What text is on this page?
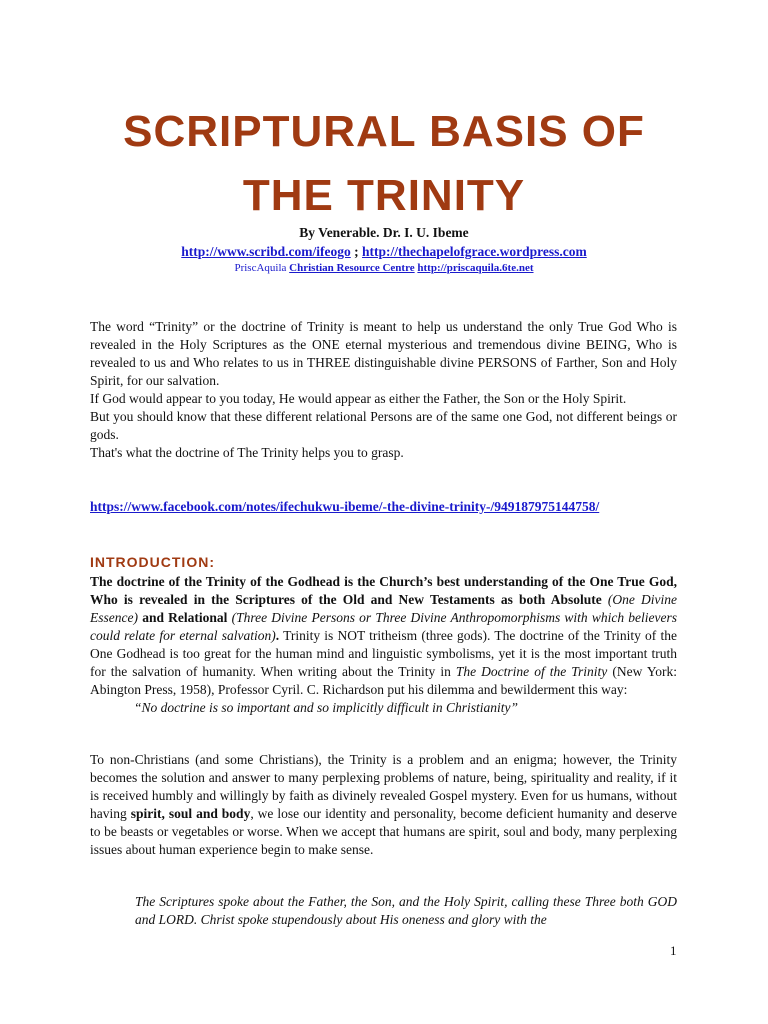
SCRIPTURAL BASIS OF
THE TRINITY
By Venerable. Dr. I. U. Ibeme
http://www.scribd.com/ifeogo ; http://thechapelofgrace.wordpress.com
PriscAquila Christian Resource Centre http://priscaquila.6te.net

The word “Trinity” or the doctrine of Trinity is meant to help us understand the only True God Who is revealed in the Holy Scriptures as the ONE eternal mysterious and tremendous divine BEING, Who is revealed to us and Who relates to us in THREE distinguishable divine PERSONS of Farther, Son and Holy Spirit, for our salvation.

If God would appear to you today, He would appear as either the Father, the Son or the Holy Spirit.

But you should know that these different relational Persons are of the same one God, not different beings or gods.

That's what the doctrine of The Trinity helps you to grasp.

https://www.facebook.com/notes/ifechukwu-ibeme/-the-divine-trinity-/949187975144758/
INTRODUCTION:
The doctrine of the Trinity of the Godhead is the Church’s best understanding of the One True God, Who is revealed in the Scriptures of the Old and New Testaments as both Absolute (One Divine Essence) and Relational (Three Divine Persons or Three Divine Anthropomorphisms with which believers could relate for eternal salvation). Trinity is NOT tritheism (three gods). The doctrine of the Trinity of the One Godhead is too great for the human mind and linguistic symbolisms, yet it is the most important truth for the salvation of humanity. When writing about the Trinity in The Doctrine of the Trinity (New York: Abington Press, 1958), Professor Cyril. C. Richardson put his dilemma and bewilderment this way:
“No doctrine is so important and so implicitly difficult in Christianity”
To non-Christians (and some Christians), the Trinity is a problem and an enigma; however, the Trinity becomes the solution and answer to many perplexing problems of nature, being, spirituality and reality, if it is received humbly and willingly by faith as divinely revealed Gospel mystery. Even for us humans, without having spirit, soul and body, we lose our identity and personality, become deficient humanity and deserve to be beasts or vegetables or worse. When we accept that humans are spirit, soul and body, many perplexing issues about human experience begin to make sense.
The Scriptures spoke about the Father, the Son, and the Holy Spirit, calling these Three both GOD and LORD. Christ spoke stupendously about His oneness and glory with the
1
